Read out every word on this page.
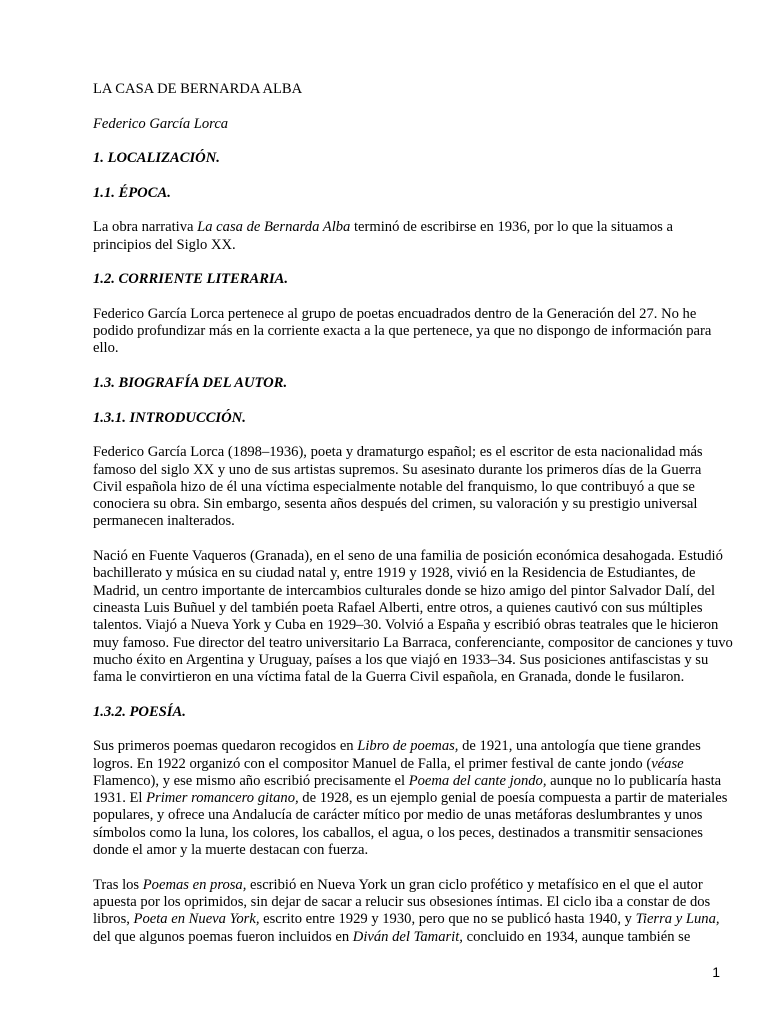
LA CASA DE BERNARDA ALBA

Federico García Lorca

1. LOCALIZACIÓN.

1.1. ÉPOCA.

La obra narrativa La casa de Bernarda Alba terminó de escribirse en 1936, por lo que la situamos a principios del Siglo XX.

1.2. CORRIENTE LITERARIA.

Federico García Lorca pertenece al grupo de poetas encuadrados dentro de la Generación del 27. No he podido profundizar más en la corriente exacta a la que pertenece, ya que no dispongo de información para ello.

1.3. BIOGRAFÍA DEL AUTOR.

1.3.1. INTRODUCCIÓN.

Federico García Lorca (1898–1936), poeta y dramaturgo español; es el escritor de esta nacionalidad más famoso del siglo XX y uno de sus artistas supremos. Su asesinato durante los primeros días de la Guerra Civil española hizo de él una víctima especialmente notable del franquismo, lo que contribuyó a que se conociera su obra. Sin embargo, sesenta años después del crimen, su valoración y su prestigio universal permanecen inalterados.

Nació en Fuente Vaqueros (Granada), en el seno de una familia de posición económica desahogada. Estudió bachillerato y música en su ciudad natal y, entre 1919 y 1928, vivió en la Residencia de Estudiantes, de Madrid, un centro importante de intercambios culturales donde se hizo amigo del pintor Salvador Dalí, del cineasta Luis Buñuel y del también poeta Rafael Alberti, entre otros, a quienes cautivó con sus múltiples talentos. Viajó a Nueva York y Cuba en 1929–30. Volvió a España y escribió obras teatrales que le hicieron muy famoso. Fue director del teatro universitario La Barraca, conferenciante, compositor de canciones y tuvo mucho éxito en Argentina y Uruguay, países a los que viajó en 1933–34. Sus posiciones antifascistas y su fama le convirtieron en una víctima fatal de la Guerra Civil española, en Granada, donde le fusilaron.

1.3.2. POESÍA.

Sus primeros poemas quedaron recogidos en Libro de poemas, de 1921, una antología que tiene grandes logros. En 1922 organizó con el compositor Manuel de Falla, el primer festival de cante jondo (véase Flamenco), y ese mismo año escribió precisamente el Poema del cante jondo, aunque no lo publicaría hasta 1931. El Primer romancero gitano, de 1928, es un ejemplo genial de poesía compuesta a partir de materiales populares, y ofrece una Andalucía de carácter mítico por medio de unas metáforas deslumbrantes y unos símbolos como la luna, los colores, los caballos, el agua, o los peces, destinados a transmitir sensaciones donde el amor y la muerte destacan con fuerza.

Tras los Poemas en prosa, escribió en Nueva York un gran ciclo profético y metafísico en el que el autor apuesta por los oprimidos, sin dejar de sacar a relucir sus obsesiones íntimas. El ciclo iba a constar de dos libros, Poeta en Nueva York, escrito entre 1929 y 1930, pero que no se publicó hasta 1940, y Tierra y Luna, del que algunos poemas fueron incluidos en Diván del Tamarit, concluido en 1934, aunque también se

1
